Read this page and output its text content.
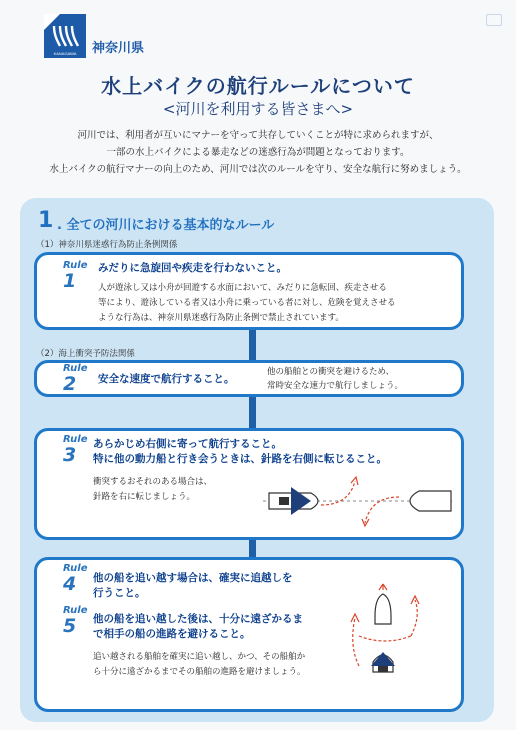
KANAGAWA 神奈川県
水上バイクの航行ルールについて
<河川を利用する皆さまへ>
河川では、利用者が互いにマナーを守って共存していくことが特に求められますが、
一部の水上バイクによる暴走などの迷惑行為が問題となっております。
水上バイクの航行マナーの向上のため、河川では次のルールを守り、安全な航行に努めましょう。
1 . 全ての河川における基本的なルール
（1）神奈川県迷惑行為防止条例関係
（2）海上衝突予防法関係
Rule
1
みだりに急旋回や疾走を行わないこと。
人が遊泳し又は小舟が回遊する水面において、みだりに急転回、疾走させる
等により、遊泳している者又は小舟に乗っている者に対し、危険を覚えさせる
ような行為は、神奈川県迷惑行為防止条例で禁止されています。
Rule
2	安全な速度で航行すること。
他の船舶との衝突を避けるため、
常時安全な速力で航行しましょう。
Rule
3	あらかじめ右側に寄って航行すること。
特に他の動力船と行き会うときは、針路を右側に転じること。
衝突するおそれのある場合は、
針路を右に転じましょう。
Rule
4	他の船を追い越す場合は、確実に追越しを
行うこと。
Rule
5	他の船を追い越した後は、十分に遠ざかるま
で相手の船の進路を避けること。
追い越される船舶を確実に追い越し、かつ、その船舶か
ら十分に遠ざかるまでその船舶の進路を避けましょう。
